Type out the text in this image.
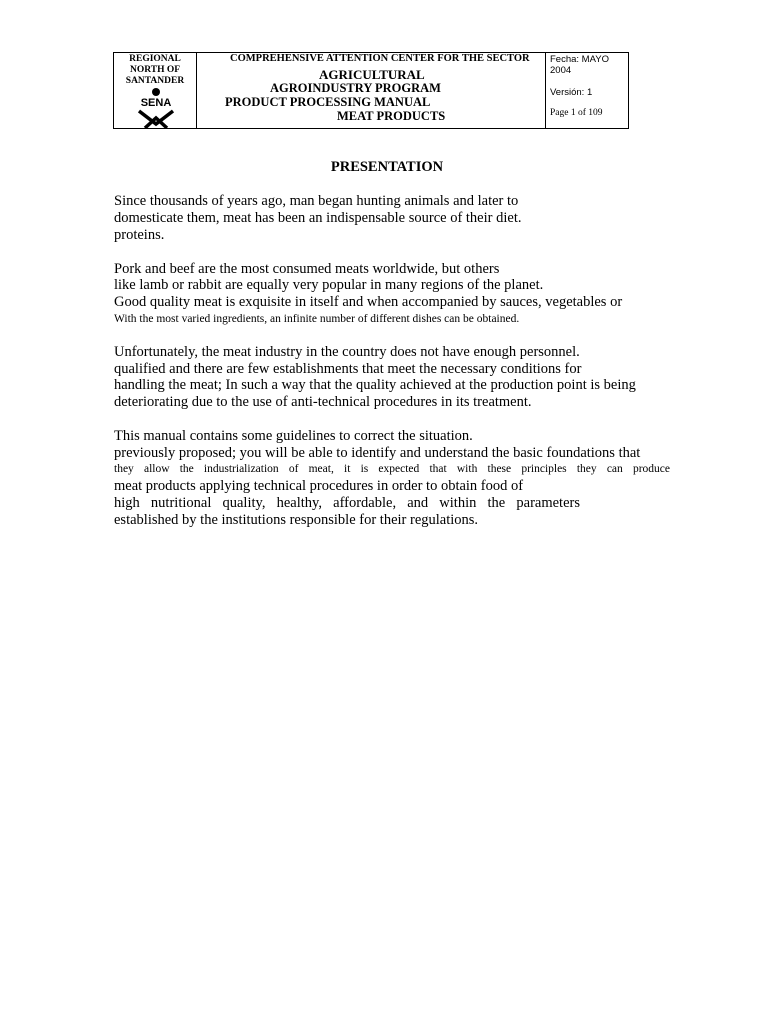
REGIONAL
NORTH OF
SANTANDER
SENA
COMPREHENSIVE ATTENTION CENTER FOR THE SECTOR
AGRICULTURAL
AGROINDUSTRY PROGRAM
PRODUCT PROCESSING MANUAL
MEAT PRODUCTS
Fecha: MAYO 2004
Versión: 1
Page 1 of 109
PRESENTATION
Since thousands of years ago, man began hunting animals and later to
domesticate them, meat has been an indispensable source of their diet.
proteins.
Pork and beef are the most consumed meats worldwide, but others
like lamb or rabbit are equally very popular in many regions of the planet.
Good quality meat is exquisite in itself and when accompanied by sauces, vegetables or
With the most varied ingredients, an infinite number of different dishes can be obtained.
Unfortunately, the meat industry in the country does not have enough personnel.
qualified and there are few establishments that meet the necessary conditions for
handling the meat; In such a way that the quality achieved at the production point is being
deteriorating due to the use of anti-technical procedures in its treatment.
This manual contains some guidelines to correct the situation.
previously proposed; you will be able to identify and understand the basic foundations that
they allow the industrialization of meat, it is expected that with these principles they can produce
meat products applying technical procedures in order to obtain food of
high nutritional quality, healthy, affordable, and within the parameters
established by the institutions responsible for their regulations.
